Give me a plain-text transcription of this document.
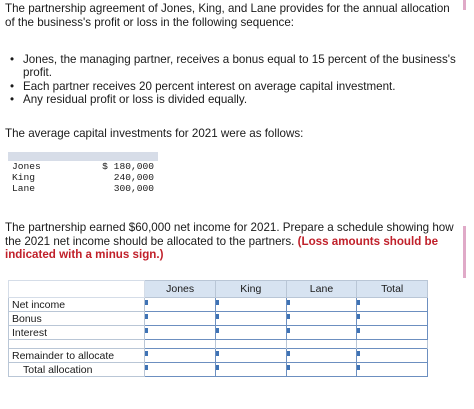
The partnership agreement of Jones, King, and Lane provides for the annual allocation of the business's profit or loss in the following sequence:
• Jones, the managing partner, receives a bonus equal to 15 percent of the business's profit.
• Each partner receives 20 percent interest on average capital investment.
• Any residual profit or loss is divided equally.
The average capital investments for 2021 were as follows:

Jones	$ 180,000
King	240,000
Lane	300,000
The partnership earned $60,000 net income for 2021. Prepare a schedule showing how the 2021 net income should be allocated to the partners. (Loss amounts should be indicated with a minus sign.)
	Jones	King	Lane	Total
Net income				
Bonus				
Interest				

Remainder to allocate				
Total allocation				
